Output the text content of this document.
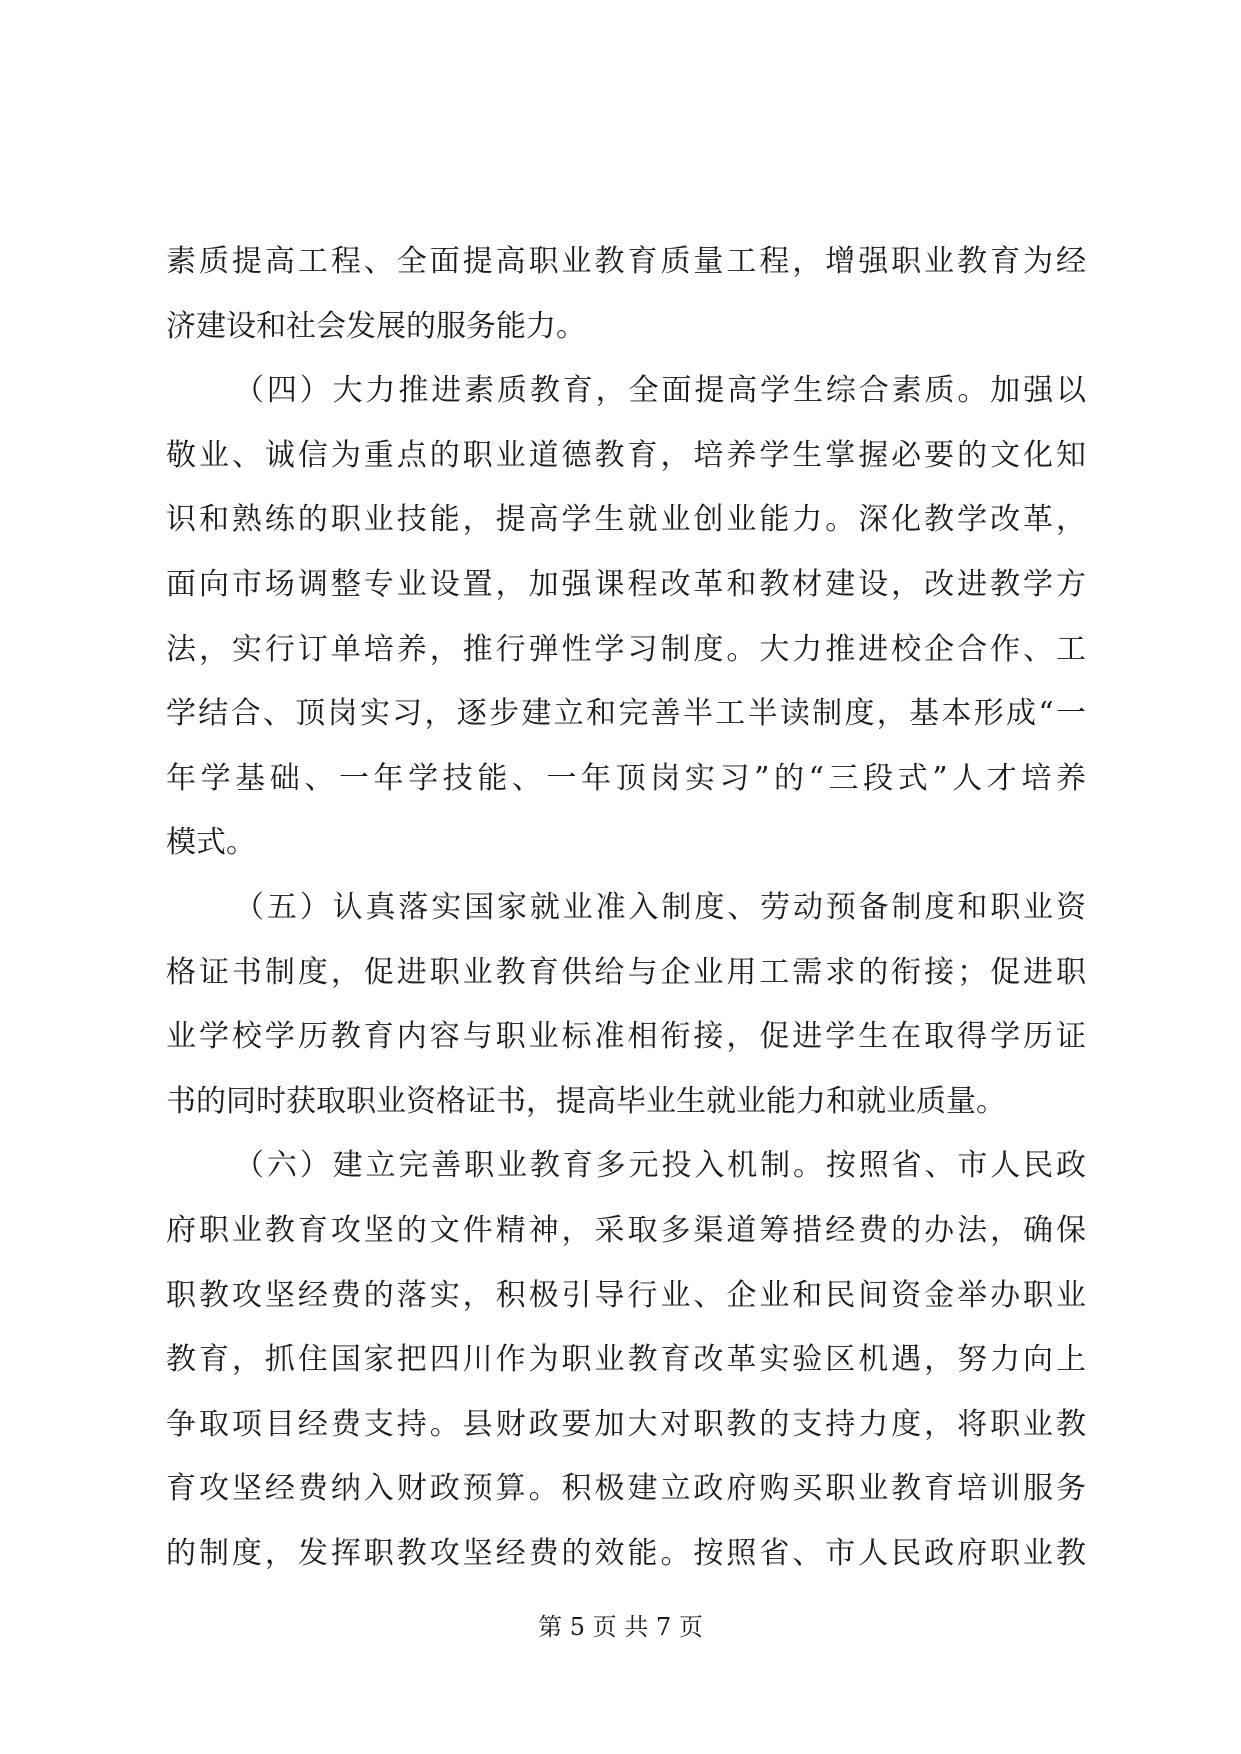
素质提高工程、全面提高职业教育质量工程，增强职业教育为经
济建设和社会发展的服务能力。
（四）大力推进素质教育，全面提高学生综合素质。加强以
敬业、诚信为重点的职业道德教育，培养学生掌握必要的文化知
识和熟练的职业技能，提高学生就业创业能力。深化教学改革，
面向市场调整专业设置，加强课程改革和教材建设，改进教学方
法，实行订单培养，推行弹性学习制度。大力推进校企合作、工
学结合、顶岗实习，逐步建立和完善半工半读制度，基本形成“一
年学基础、一年学技能、一年顶岗实习”的“三段式”人才培养
模式。
（五）认真落实国家就业准入制度、劳动预备制度和职业资
格证书制度，促进职业教育供给与企业用工需求的衔接；促进职
业学校学历教育内容与职业标准相衔接，促进学生在取得学历证
书的同时获取职业资格证书，提高毕业生就业能力和就业质量。
（六）建立完善职业教育多元投入机制。按照省、市人民政
府职业教育攻坚的文件精神，采取多渠道筹措经费的办法，确保
职教攻坚经费的落实，积极引导行业、企业和民间资金举办职业
教育，抓住国家把四川作为职业教育改革实验区机遇，努力向上
争取项目经费支持。县财政要加大对职教的支持力度，将职业教
育攻坚经费纳入财政预算。积极建立政府购买职业教育培训服务
的制度，发挥职教攻坚经费的效能。按照省、市人民政府职业教
第 5 页 共 7 页
